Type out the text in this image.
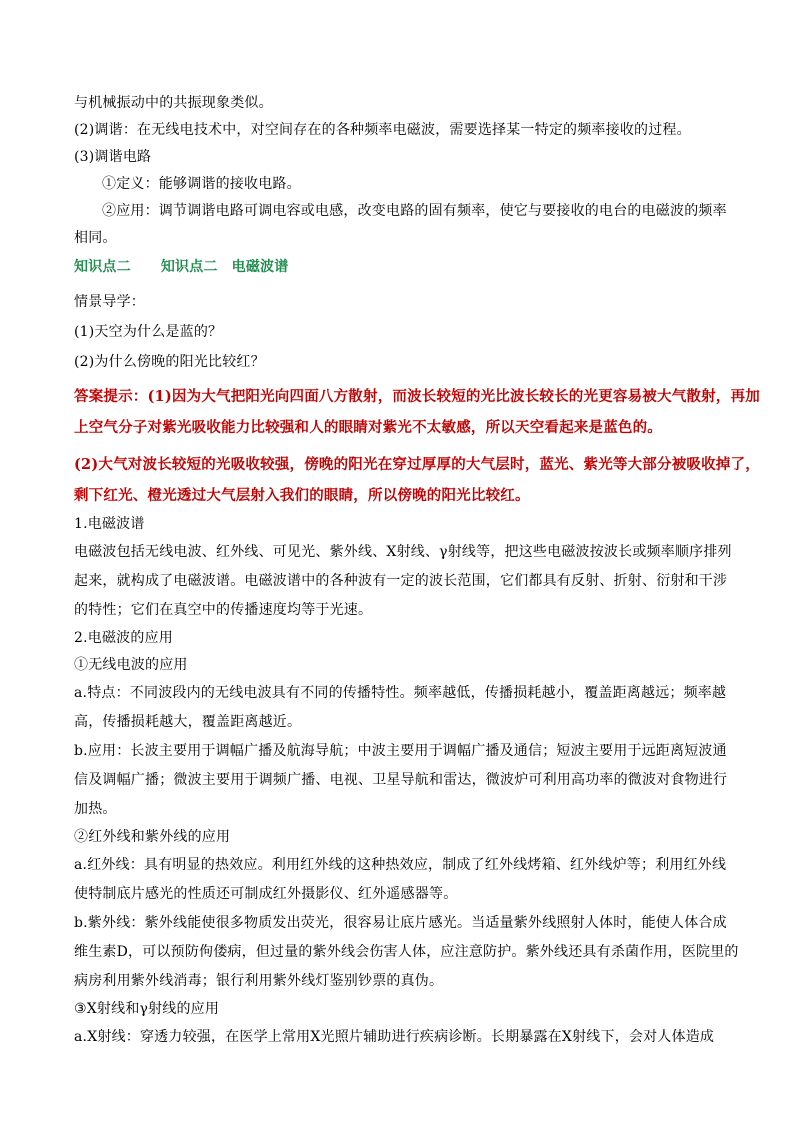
与机械振动中的共振现象类似。

(2)调谐：在无线电技术中，对空间存在的各种频率电磁波，需要选择某一特定的频率接收的过程。

(3)调谐电路

①定义：能够调谐的接收电路。

②应用：调节调谐电路可调电容或电感，改变电路的固有频率，使它与要接收的电台的电磁波的频率

相同。

知识点二 知识点二 电磁波谱

情景导学：

(1)天空为什么是蓝的？

(2)为什么傍晚的阳光比较红？

答案提示：(1)因为大气把阳光向四面八方散射，而波长较短的光比波长较长的光更容易被大气散射，再加

上空气分子对紫光吸收能力比较强和人的眼睛对紫光不太敏感，所以天空看起来是蓝色的。

(2)大气对波长较短的光吸收较强，傍晚的阳光在穿过厚厚的大气层时，蓝光、紫光等大部分被吸收掉了，

剩下红光、橙光透过大气层射入我们的眼睛，所以傍晚的阳光比较红。

1.电磁波谱

电磁波包括无线电波、红外线、可见光、紫外线、X射线、γ射线等，把这些电磁波按波长或频率顺序排列

起来，就构成了电磁波谱。电磁波谱中的各种波有一定的波长范围，它们都具有反射、折射、衍射和干涉

的特性；它们在真空中的传播速度均等于光速。

2.电磁波的应用

①无线电波的应用

a.特点：不同波段内的无线电波具有不同的传播特性。频率越低，传播损耗越小，覆盖距离越远；频率越

高，传播损耗越大，覆盖距离越近。

b.应用：长波主要用于调幅广播及航海导航；中波主要用于调幅广播及通信；短波主要用于远距离短波通

信及调幅广播；微波主要用于调频广播、电视、卫星导航和雷达，微波炉可利用高功率的微波对食物进行

加热。

②红外线和紫外线的应用

a.红外线：具有明显的热效应。利用红外线的这种热效应，制成了红外线烤箱、红外线炉等；利用红外线

使特制底片感光的性质还可制成红外摄影仪、红外遥感器等。

b.紫外线：紫外线能使很多物质发出荧光，很容易让底片感光。当适量紫外线照射人体时，能使人体合成

维生素D，可以预防佝偻病，但过量的紫外线会伤害人体，应注意防护。紫外线还具有杀菌作用，医院里的

病房利用紫外线消毒；银行利用紫外线灯鉴别钞票的真伪。

③X射线和γ射线的应用

a.X射线：穿透力较强，在医学上常用X光照片辅助进行疾病诊断。长期暴露在X射线下，会对人体造成
